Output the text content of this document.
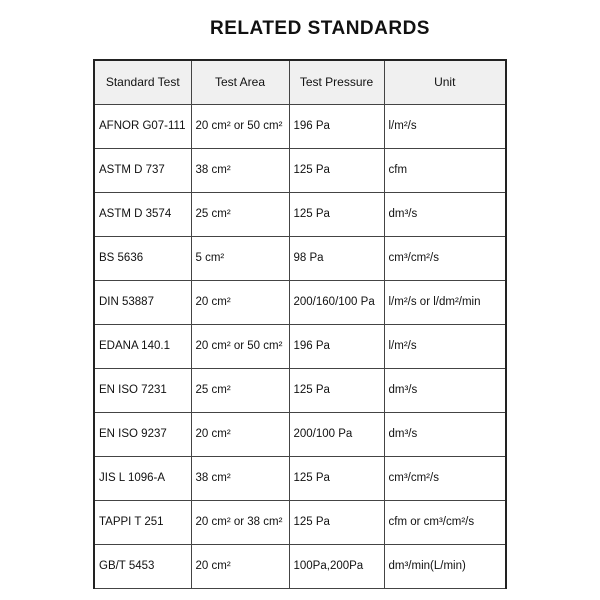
RELATED STANDARDS
Standard Test	Test Area	Test Pressure	Unit
AFNOR G07-111	20 cm² or 50 cm²	196 Pa	l/m²/s
ASTM D 737	38 cm²	125 Pa	cfm
ASTM D 3574	25 cm²	125 Pa	dm³/s
BS 5636	5 cm²	98 Pa	cm³/cm²/s
DIN 53887	20 cm²	200/160/100 Pa	l/m²/s or l/dm²/min
EDANA 140.1	20 cm² or 50 cm²	196 Pa	l/m²/s
EN ISO 7231	25 cm²	125 Pa	dm³/s
EN ISO 9237	20 cm²	200/100 Pa	dm³/s
JIS L 1096-A	38 cm²	125 Pa	cm³/cm²/s
TAPPI T 251	20 cm² or 38 cm²	125 Pa	cfm or cm³/cm²/s
GB/T 5453	20 cm²	100Pa,200Pa	dm³/min(L/min)
